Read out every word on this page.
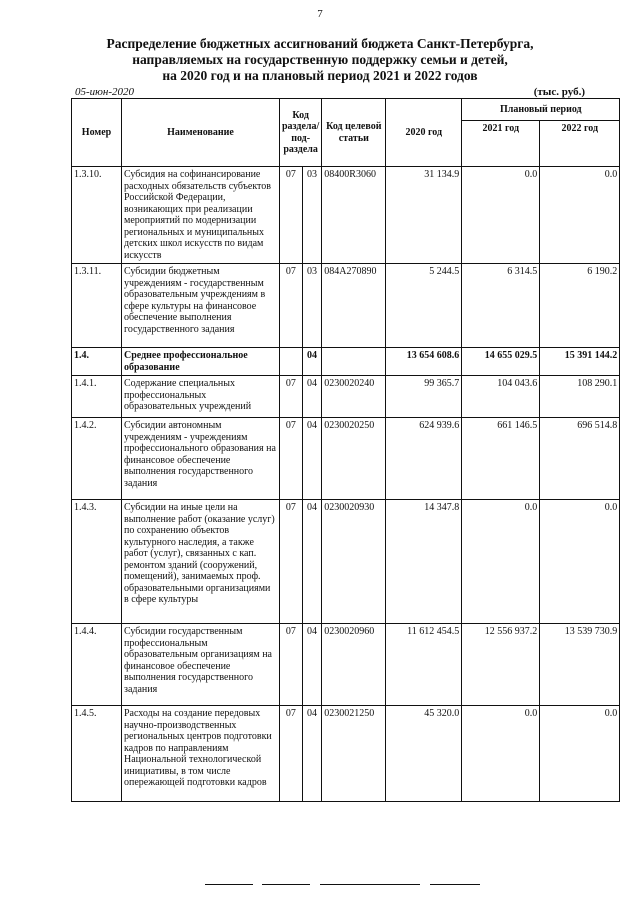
7
Распределение бюджетных ассигнований бюджета Санкт-Петербурга,
направляемых на государственную поддержку семьи и детей,
на 2020 год и на плановый период 2021 и 2022 годов
05-июн-2020	(тыс. руб.)
Номер	Наименование	Код раздела/ под-раздела		Код целевой статьи	2020 год	Плановый период	
						2021 год	2022 год
1.3.10.	Субсидия на софинансирование расходных обязательств субъектов Российской Федерации, возникающих при реализации мероприятий по модернизации региональных и муниципальных детских школ искусств по видам искусств	07	03	08400R3060	31 134.9	0.0	0.0
1.3.11.	Субсидии бюджетным учреждениям - государственным образовательным учреждениям в сфере культуры на финансовое обеспечение выполнения государственного задания	07	03	084A270890	5 244.5	6 314.5	6 190.2
1.4.	Среднее профессиональное образование		04		13 654 608.6	14 655 029.5	15 391 144.2
1.4.1.	Содержание специальных профессиональных образовательных учреждений	07	04	0230020240	99 365.7	104 043.6	108 290.1
1.4.2.	Субсидии автономным учреждениям - учреждениям профессионального образования на финансовое обеспечение выполнения государственного задания	07	04	0230020250	624 939.6	661 146.5	696 514.8
1.4.3.	Субсидии на иные цели на выполнение работ (оказание услуг) по сохранению объектов культурного наследия, а также работ (услуг), связанных с кап. ремонтом зданий (сооружений, помещений), занимаемых проф. образовательными организациями в сфере культуры	07	04	0230020930	14 347.8	0.0	0.0
1.4.4.	Субсидии государственным профессиональным образовательным организациям на финансовое обеспечение выполнения государственного задания	07	04	0230020960	11 612 454.5	12 556 937.2	13 539 730.9
1.4.5.	Расходы на создание передовых научно-производственных региональных центров подготовки кадров по направлениям Национальной технологической инициативы, в том числе опережающей подготовки кадров	07	04	0230021250	45 320.0	0.0	0.0
